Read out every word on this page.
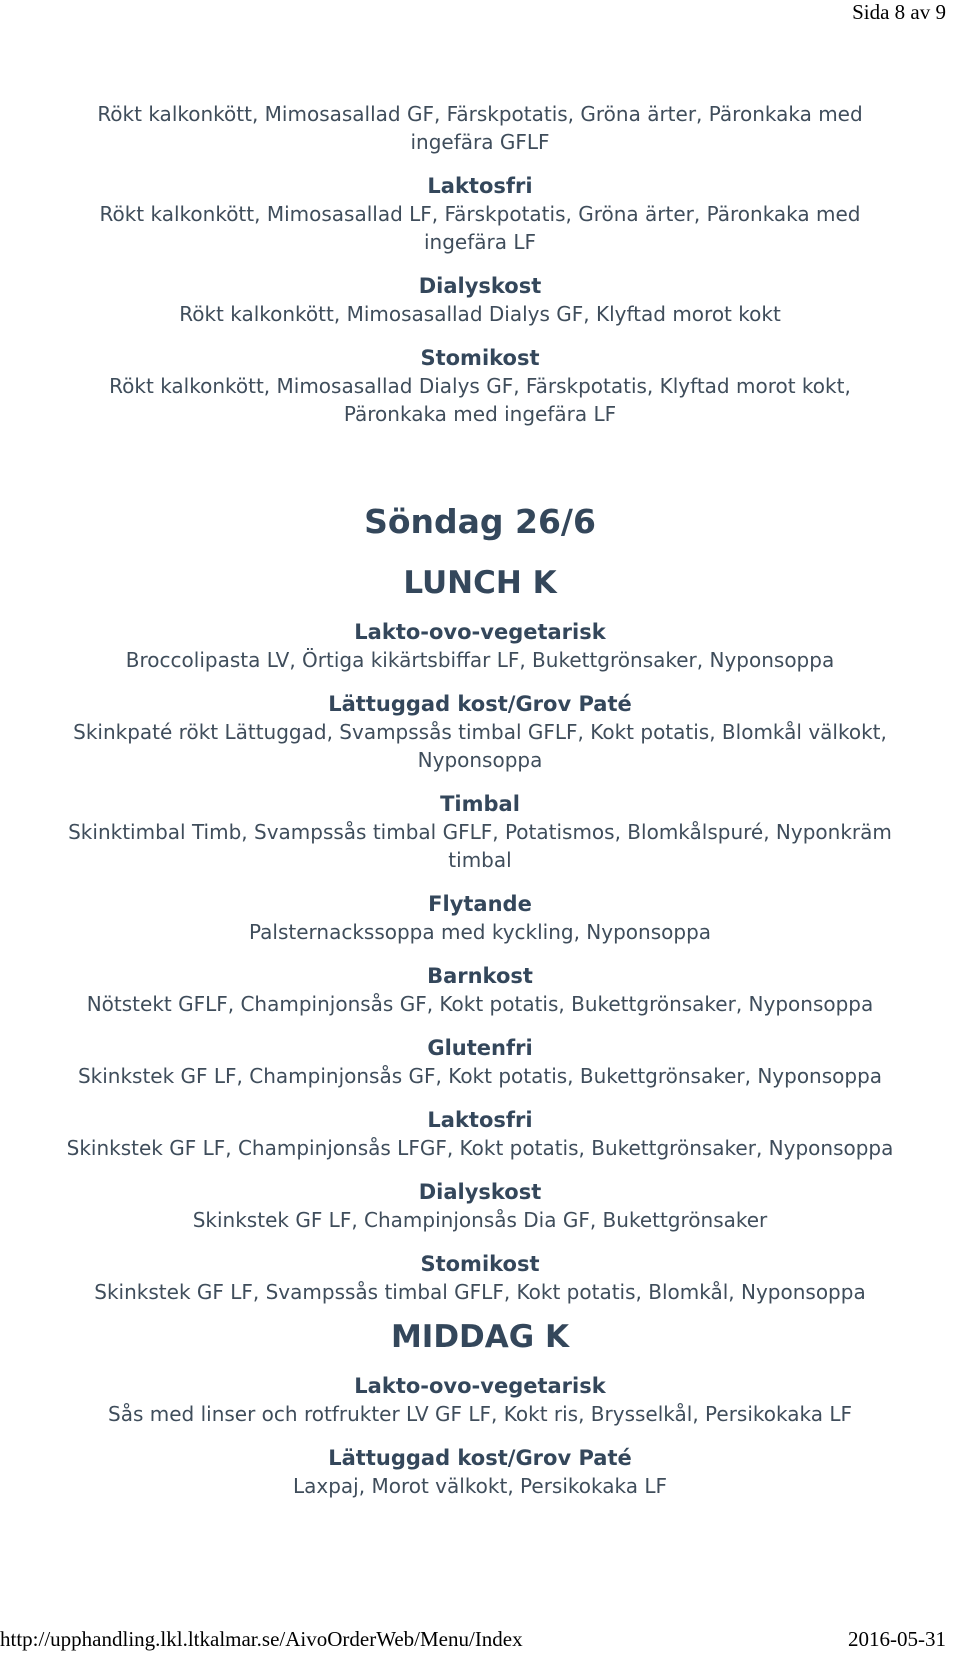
Sida 8 av 9
Rökt kalkonkött, Mimosasallad GF, Färskpotatis, Gröna ärter, Päronkaka med ingefära GFLF
Laktosfri
Rökt kalkonkött, Mimosasallad LF, Färskpotatis, Gröna ärter, Päronkaka med ingefära LF
Dialyskost
Rökt kalkonkött, Mimosasallad Dialys GF, Klyftad morot kokt
Stomikost
Rökt kalkonkött, Mimosasallad Dialys GF, Färskpotatis, Klyftad morot kokt, Päronkaka med ingefära LF
Söndag 26/6
LUNCH K
Lakto-ovo-vegetarisk
Broccolipasta LV, Örtiga kikärtsbiffar LF, Bukettgrönsaker, Nyponsoppa
Lättuggad kost/Grov Paté
Skinkpaté rökt Lättuggad, Svampssås timbal GFLF, Kokt potatis, Blomkål välkokt, Nyponsoppa
Timbal
Skinktimbal Timb, Svampssås timbal GFLF, Potatismos, Blomkålspuré, Nyponkräm timbal
Flytande
Palsternackssoppa med kyckling, Nyponsoppa
Barnkost
Nötstekt GFLF, Champinjonsås GF, Kokt potatis, Bukettgrönsaker, Nyponsoppa
Glutenfri
Skinkstek GF LF, Champinjonsås GF, Kokt potatis, Bukettgrönsaker, Nyponsoppa
Laktosfri
Skinkstek GF LF, Champinjonsås LFGF, Kokt potatis, Bukettgrönsaker, Nyponsoppa
Dialyskost
Skinkstek GF LF, Champinjonsås Dia GF, Bukettgrönsaker
Stomikost
Skinkstek GF LF, Svampssås timbal GFLF, Kokt potatis, Blomkål, Nyponsoppa
MIDDAG K
Lakto-ovo-vegetarisk
Sås med linser och rotfrukter LV GF LF, Kokt ris, Brysselkål, Persikokaka LF
Lättuggad kost/Grov Paté
Laxpaj, Morot välkokt, Persikokaka LF
http://upphandling.lkl.ltkalmar.se/AivoOrderWeb/Menu/Index	2016-05-31
